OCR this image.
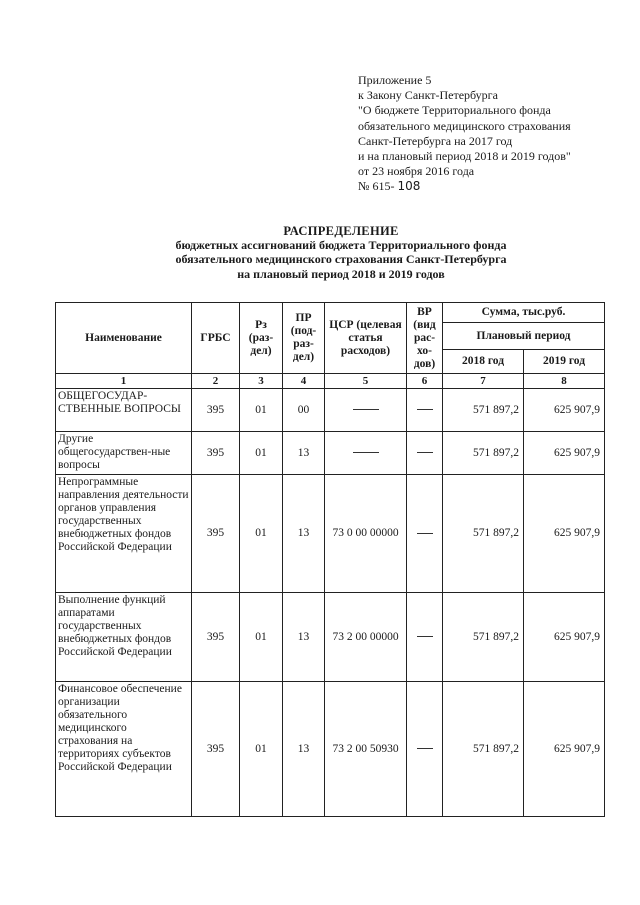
Приложение 5
к Закону Санкт-Петербурга
"О бюджете Территориального фонда
обязательного медицинского страхования
Санкт-Петербурга на 2017 год
и на плановый период 2018 и 2019 годов"
от 23 ноября 2016 года
№ 615- 108
РАСПРЕДЕЛЕНИЕ
бюджетных ассигнований бюджета Территориального фонда
обязательного медицинского страхования Санкт-Петербурга
на плановый период 2018 и 2019 годов
Наименование	ГРБС	Рз (раз-дел)	ПР (под-раз-дел)	ЦСР (целевая статья расходов)	ВР (вид рас-хо-дов)	Сумма, тыс.руб.	
						Плановый период	
						2018 год	2019 год
1	2	3	4	5	6	7	8
ОБЩЕГОСУДАР-СТВЕННЫЕ ВОПРОСЫ	395	01	00			571 897,2	625 907,9
Другие общегосударствен-ные вопросы	395	01	13			571 897,2	625 907,9
Непрограммные направления деятельности органов управления государственных внебюджетных фондов Российской Федерации	395	01	13	73 0 00 00000		571 897,2	625 907,9
Выполнение функций аппаратами государственных внебюджетных фондов Российской Федерации	395	01	13	73 2 00 00000		571 897,2	625 907,9
Финансовое обеспечение организации обязательного медицинского страхования на территориях субъектов Российской Федерации	395	01	13	73 2 00 50930		571 897,2	625 907,9
